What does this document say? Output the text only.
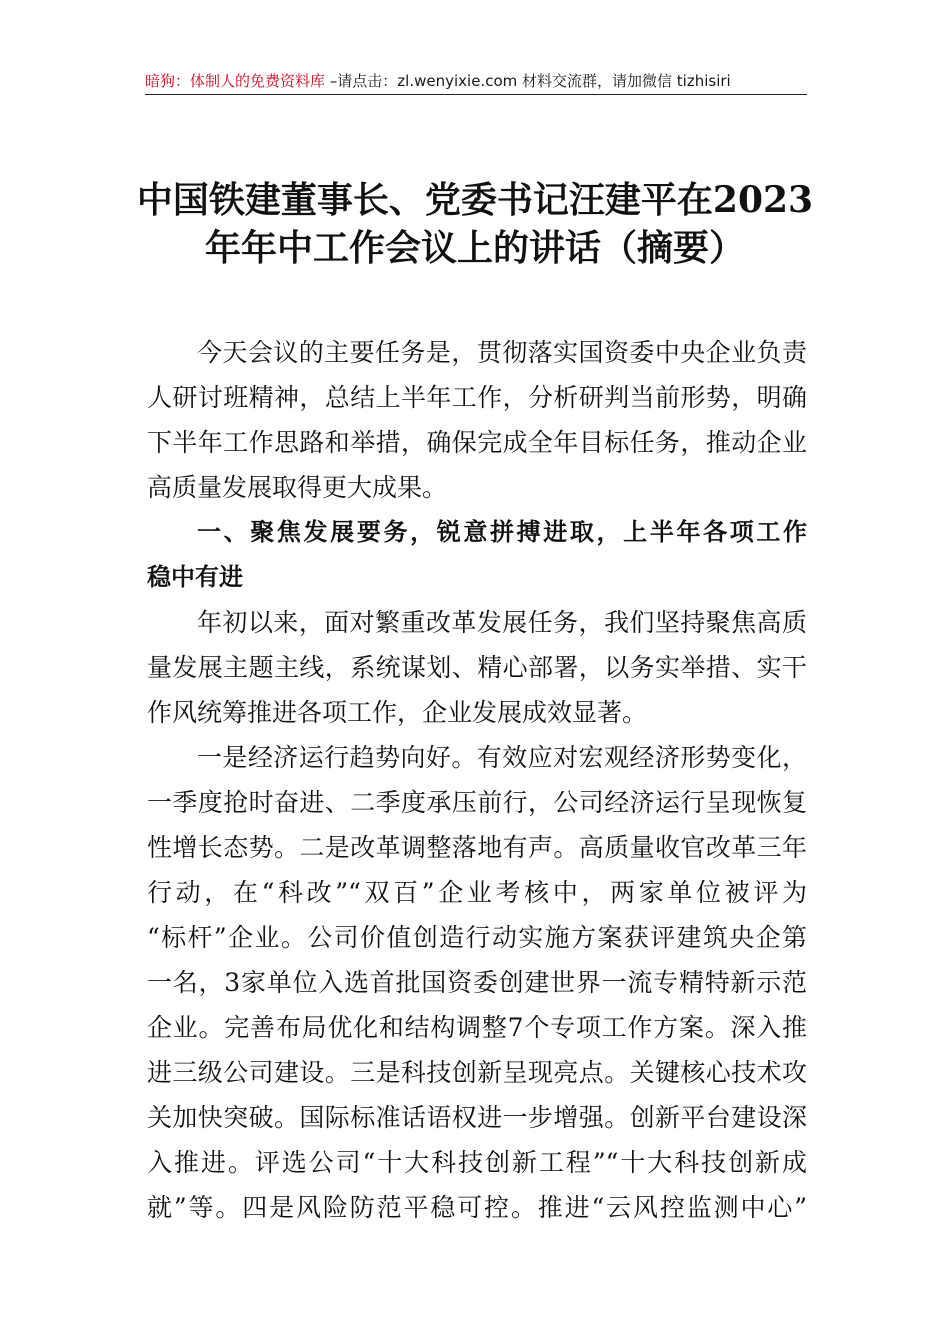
暗狗：体制人的免费资料库 –请点击：zl.wenyixie.com 材料交流群，请加微信 tizhisiri
中国铁建董事长、党委书记汪建平在2023
年年中工作会议上的讲话（摘要）
今天会议的主要任务是，贯彻落实国资委中央企业负责
人研讨班精神，总结上半年工作，分析研判当前形势，明确
下半年工作思路和举措，确保完成全年目标任务，推动企业
高质量发展取得更大成果。
一、聚焦发展要务，锐意拼搏进取，上半年各项工作
稳中有进
年初以来，面对繁重改革发展任务，我们坚持聚焦高质
量发展主题主线，系统谋划、精心部署，以务实举措、实干
作风统筹推进各项工作，企业发展成效显著。
一是经济运行趋势向好。有效应对宏观经济形势变化，
一季度抢时奋进、二季度承压前行，公司经济运行呈现恢复
性增长态势。二是改革调整落地有声。高质量收官改革三年
行动，在“科改”“双百”企业考核中，两家单位被评为
“标杆”企业。公司价值创造行动实施方案获评建筑央企第
一名，3家单位入选首批国资委创建世界一流专精特新示范
企业。完善布局优化和结构调整7个专项工作方案。深入推
进三级公司建设。三是科技创新呈现亮点。关键核心技术攻
关加快突破。国际标准话语权进一步增强。创新平台建设深
入推进。评选公司“十大科技创新工程”“十大科技创新成
就”等。四是风险防范平稳可控。推进“云风控监测中心”
